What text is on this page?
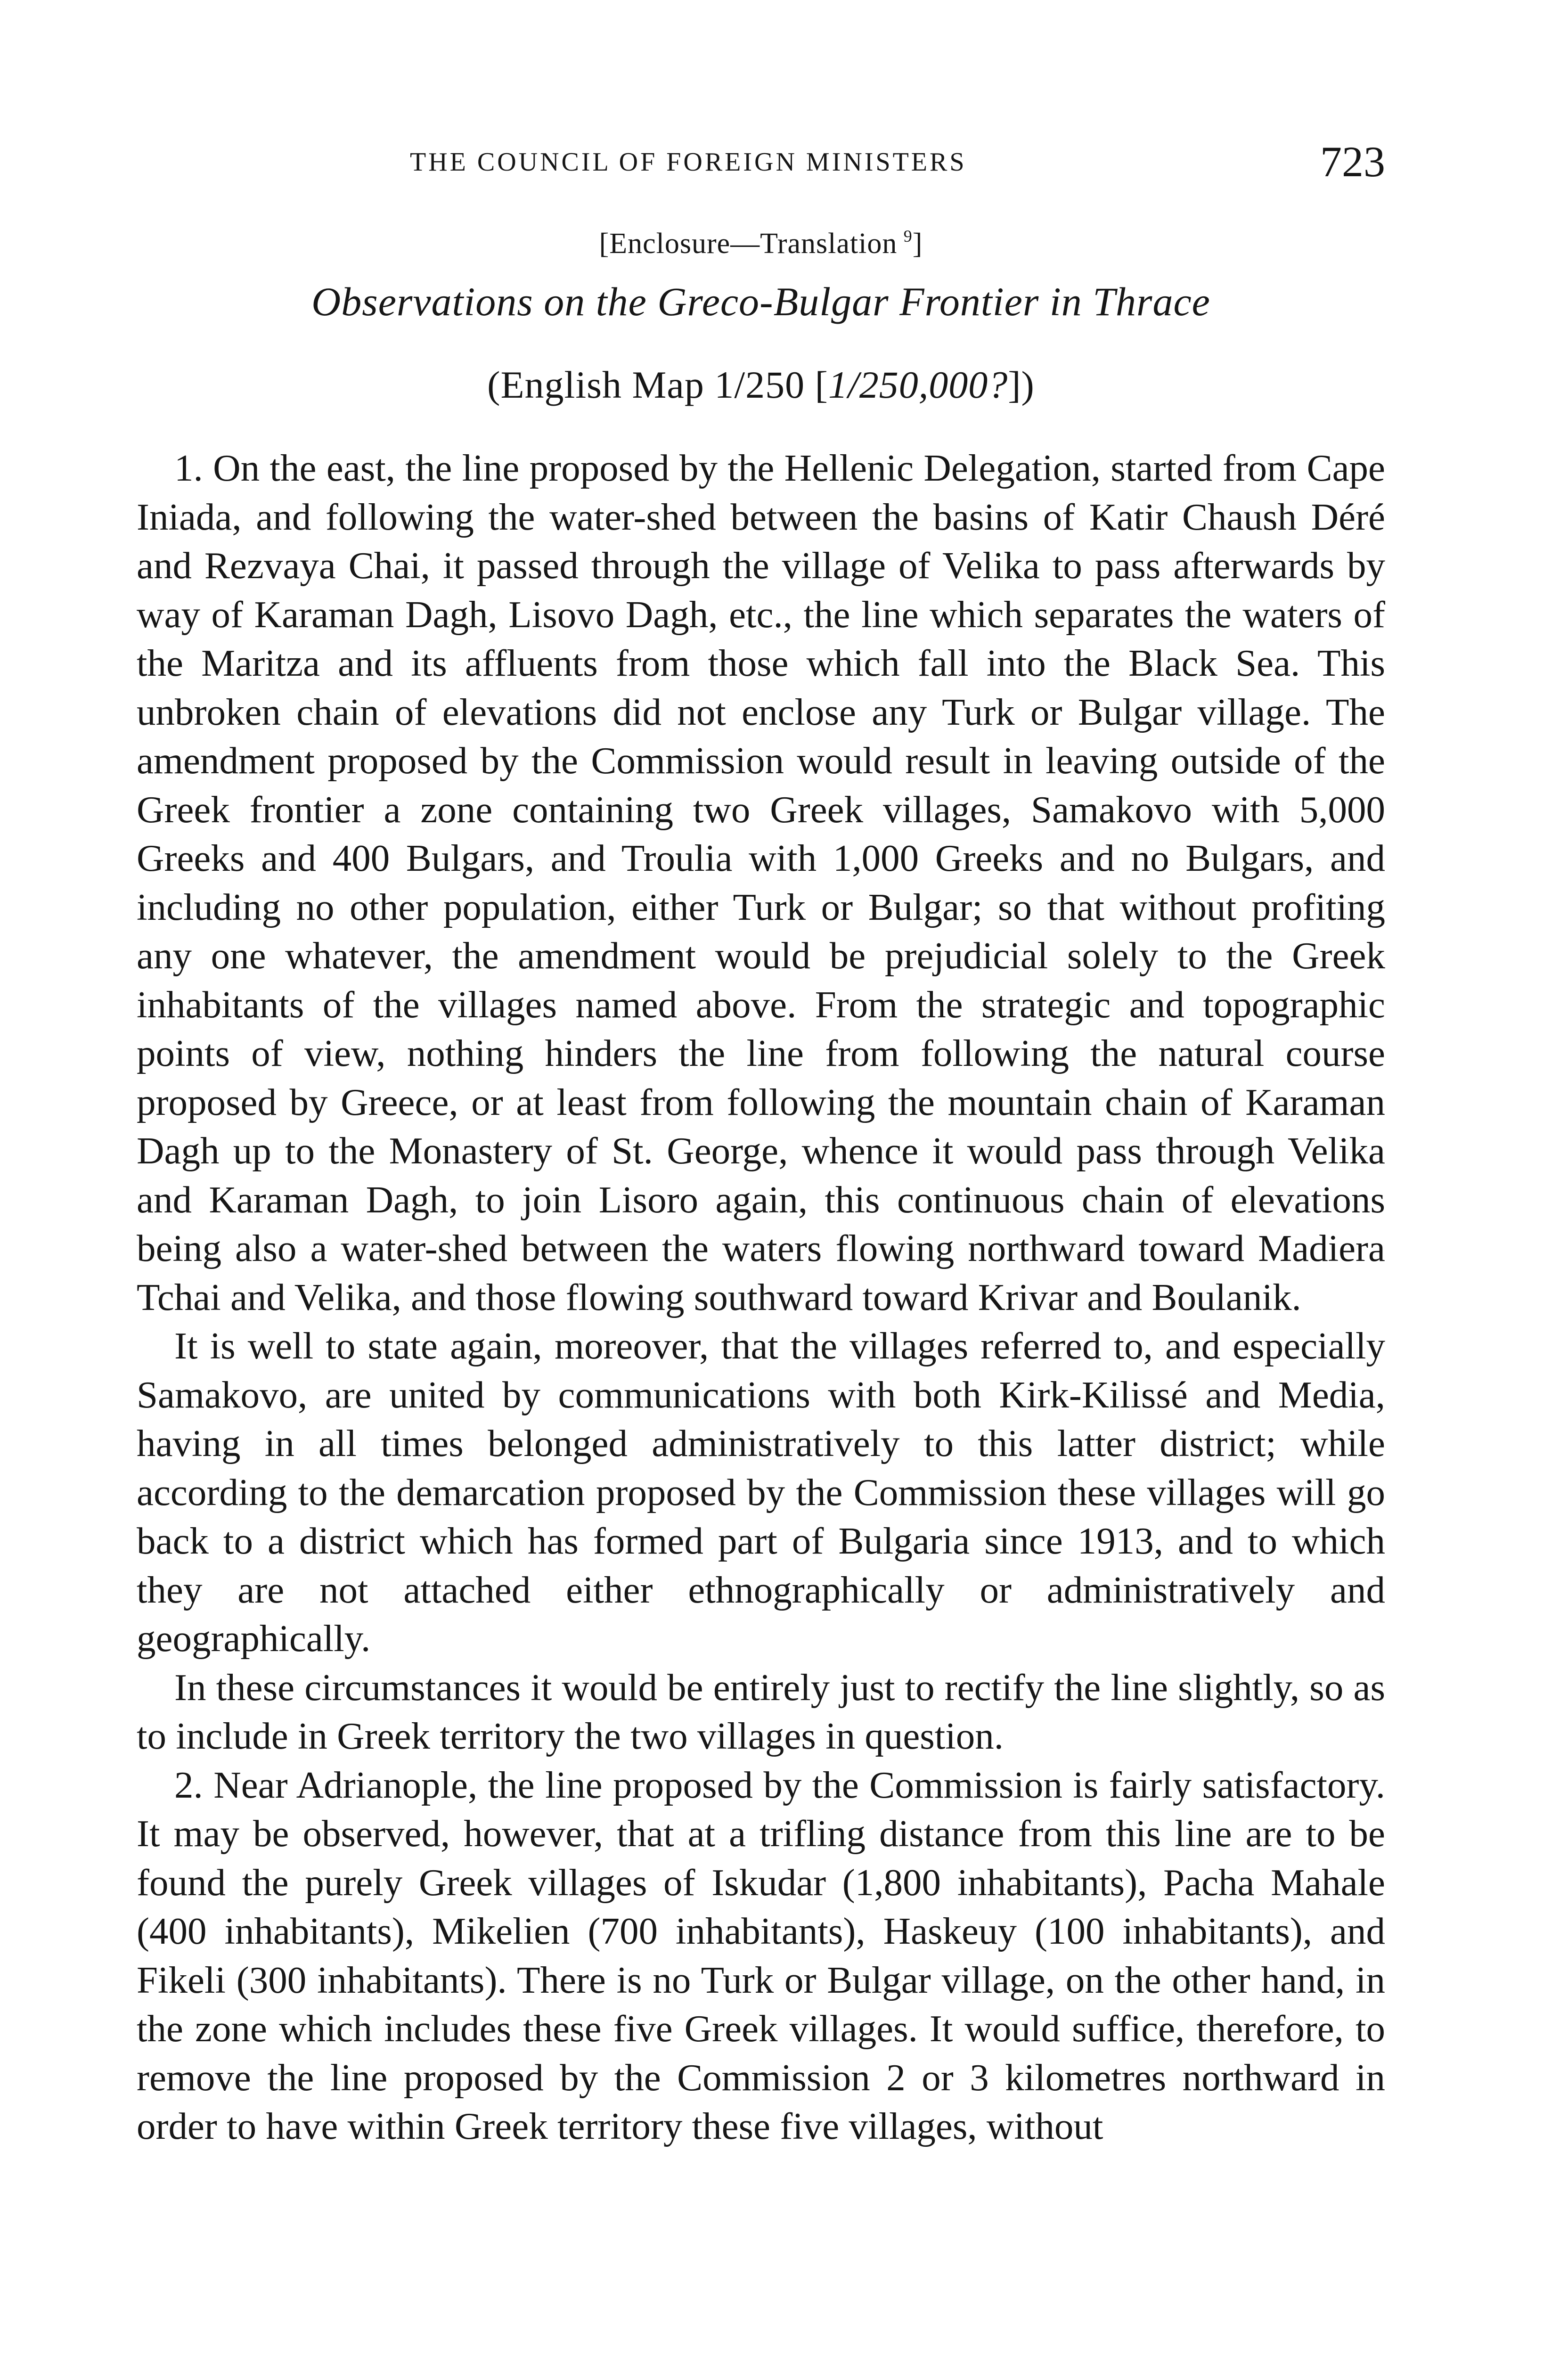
THE COUNCIL OF FOREIGN MINISTERS	723
[Enclosure—Translation  $^9$]
Observations on the Greco-Bulgar Frontier in Thrace
(English Map 1/250 [1/250,000?])

1. On the east, the line proposed by the Hellenic Delegation, started from Cape Iniada, and following the water-shed between the basins of Katir Chaush Déré and Rezvaya Chai, it passed through the village of Velika to pass afterwards by way of Karaman Dagh, Lisovo Dagh, etc., the line which separates the waters of the Maritza and its affluents from those which fall into the Black Sea. This unbroken chain of elevations did not enclose any Turk or Bulgar village. The amendment proposed by the Commission would result in leaving outside of the Greek frontier a zone containing two Greek villages, Samakovo with 5,000 Greeks and 400 Bulgars, and Troulia with 1,000 Greeks and no Bulgars, and including no other population, either Turk or Bulgar; so that without profiting any one whatever, the amendment would be prejudicial solely to the Greek inhabitants of the villages named above. From the strategic and topographic points of view, nothing hinders the line from following the natural course proposed by Greece, or at least from following the mountain chain of Karaman Dagh up to the Monastery of St. George, whence it would pass through Velika and Karaman Dagh, to join Lisoro again, this continuous chain of elevations being also a water-shed between the waters flowing northward toward Madiera Tchai and Velika, and those flowing southward toward Krivar and Boulanik.

It is well to state again, moreover, that the villages referred to, and especially Samakovo, are united by communications with both Kirk-Kilissé and Media, having in all times belonged administratively to this latter district; while according to the demarcation proposed by the Commission these villages will go back to a district which has formed part of Bulgaria since 1913, and to which they are not attached either ethnographically or administratively and geographically.

In these circumstances it would be entirely just to rectify the line slightly, so as to include in Greek territory the two villages in question.

2. Near Adrianople, the line proposed by the Commission is fairly satisfactory. It may be observed, however, that at a trifling distance from this line are to be found the purely Greek villages of Iskudar (1,800 inhabitants), Pacha Mahale (400 inhabitants), Mikelien (700 inhabitants), Haskeuy (100 inhabitants), and Fikeli (300 inhabitants). There is no Turk or Bulgar village, on the other hand, in the zone which includes these five Greek villages. It would suffice, therefore, to remove the line proposed by the Commission 2 or 3 kilometres northward in order to have within Greek territory these five villages, without
